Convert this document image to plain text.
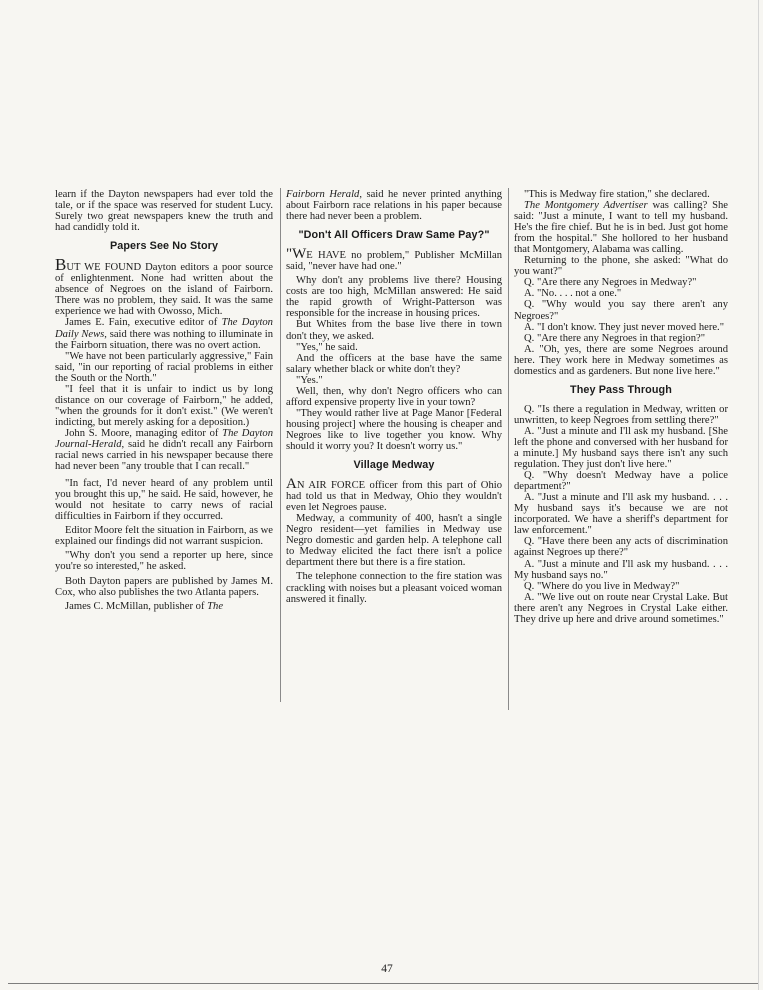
learn if the Dayton newspapers had ever told the tale, or if the space was reserved for student Lucy. Surely two great newspapers knew the truth and had candidly told it.

Papers See No Story

BUT WE FOUND Dayton editors a poor source of enlightenment. None had written about the absence of Negroes on the island of Fairborn. There was no problem, they said. It was the same experience we had with Owosso, Mich.

James E. Fain, executive editor of The Dayton Daily News, said there was nothing to illuminate in the Fairborn situation, there was no overt action.

"We have not been particularly aggressive," Fain said, "in our reporting of racial problems in either the South or the North."

"I feel that it is unfair to indict us by long distance on our coverage of Fairborn," he added, "when the grounds for it don't exist." (We weren't indicting, but merely asking for a deposition.)

John S. Moore, managing editor of The Dayton Journal-Herald, said he didn't recall any Fairborn racial news carried in his newspaper because there had never been "any trouble that I can recall."

"In fact, I'd never heard of any problem until you brought this up," he said. He said, however, he would not hesitate to carry news of racial difficulties in Fairborn if they occurred.

Editor Moore felt the situation in Fairborn, as we explained our findings did not warrant suspicion.

"Why don't you send a reporter up here, since you're so interested," he asked.

Both Dayton papers are published by James M. Cox, who also publishes the two Atlanta papers.

James C. McMillan, publisher of The

Fairborn Herald, said he never printed anything about Fairborn race relations in his paper because there had never been a problem.

"Don't All Officers Draw Same Pay?"

"WE HAVE no problem," Publisher McMillan said, "never have had one."

Why don't any problems live there? Housing costs are too high, McMillan answered: He said the rapid growth of Wright-Patterson was responsible for the increase in housing prices.

But Whites from the base live there in town don't they, we asked.

"Yes," he said.

And the officers at the base have the same salary whether black or white don't they?

"Yes."

Well, then, why don't Negro officers who can afford expensive property live in your town?

"They would rather live at Page Manor [Federal housing project] where the housing is cheaper and Negroes like to live together you know. Why should it worry you? It doesn't worry us."

Village Medway

AN AIR FORCE officer from this part of Ohio had told us that in Medway, Ohio they wouldn't even let Negroes pause.

Medway, a community of 400, hasn't a single Negro resident—yet families in Medway use Negro domestic and garden help. A telephone call to Medway elicited the fact there isn't a police department there but there is a fire station.

The telephone connection to the fire station was crackling with noises but a pleasant voiced woman answered it finally.

"This is Medway fire station," she declared.

The Montgomery Advertiser was calling? She said: "Just a minute, I want to tell my husband. He's the fire chief. But he is in bed. Just got home from the hospital." She hollored to her husband that Montgomery, Alabama was calling.

Returning to the phone, she asked: "What do you want?"

Q. "Are there any Negroes in Medway?"

A. "No. . . . not a one."

Q. "Why would you say there aren't any Negroes?"

A. "I don't know. They just never moved here."

Q. "Are there any Negroes in that region?"

A. "Oh, yes, there are some Negroes around here. They work here in Medway sometimes as domestics and as gardeners. But none live here."

They Pass Through

Q. "Is there a regulation in Medway, written or unwritten, to keep Negroes from settling there?"

A. "Just a minute and I'll ask my husband. [She left the phone and conversed with her husband for a minute.] My husband says there isn't any such regulation. They just don't live here."

Q. "Why doesn't Medway have a police department?"

A. "Just a minute and I'll ask my husband. . . . My husband says it's because we are not incorporated. We have a sheriff's department for law enforcement."

Q. "Have there been any acts of discrimination against Negroes up there?"

A. "Just a minute and I'll ask my husband. . . . My husband says no."

Q. "Where do you live in Medway?"

A. "We live out on route near Crystal Lake. But there aren't any Negroes in Crystal Lake either. They drive up here and drive around sometimes."

47
